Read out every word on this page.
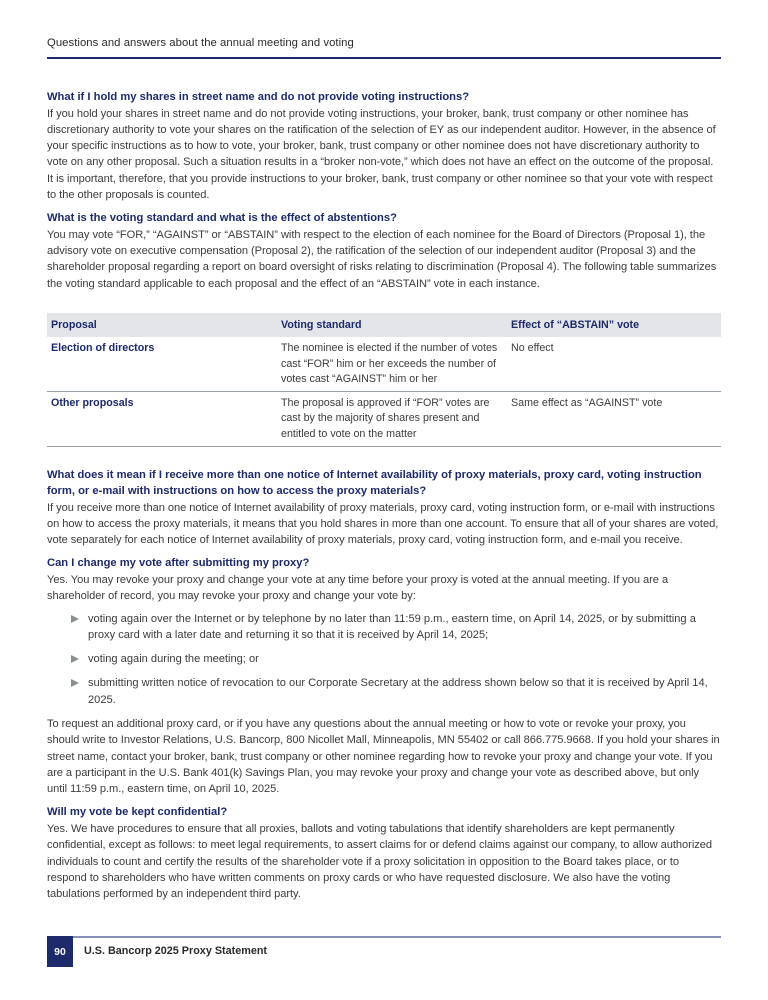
Questions and answers about the annual meeting and voting
What if I hold my shares in street name and do not provide voting instructions?

If you hold your shares in street name and do not provide voting instructions, your broker, bank, trust company or other nominee has discretionary authority to vote your shares on the ratification of the selection of EY as our independent auditor. However, in the absence of your specific instructions as to how to vote, your broker, bank, trust company or other nominee does not have discretionary authority to vote on any other proposal. Such a situation results in a “broker non-vote,” which does not have an effect on the outcome of the proposal. It is important, therefore, that you provide instructions to your broker, bank, trust company or other nominee so that your vote with respect to the other proposals is counted.

What is the voting standard and what is the effect of abstentions?

You may vote “FOR,” “AGAINST” or “ABSTAIN” with respect to the election of each nominee for the Board of Directors (Proposal 1), the advisory vote on executive compensation (Proposal 2), the ratification of the selection of our independent auditor (Proposal 3) and the shareholder proposal regarding a report on board oversight of risks relating to discrimination (Proposal 4). The following table summarizes the voting standard applicable to each proposal and the effect of an “ABSTAIN” vote in each instance.

Proposal	Voting standard	Effect of “ABSTAIN” vote
Election of directors	The nominee is elected if the number of votes cast “FOR” him or her exceeds the number of votes cast “AGAINST” him or her	No effect
Other proposals	The proposal is approved if “FOR” votes are cast by the majority of shares present and entitled to vote on the matter	Same effect as “AGAINST” vote
What does it mean if I receive more than one notice of Internet availability of proxy materials, proxy card, voting instruction form, or e-mail with instructions on how to access the proxy materials?

If you receive more than one notice of Internet availability of proxy materials, proxy card, voting instruction form, or e-mail with instructions on how to access the proxy materials, it means that you hold shares in more than one account. To ensure that all of your shares are voted, vote separately for each notice of Internet availability of proxy materials, proxy card, voting instruction form, and e-mail you receive.

Can I change my vote after submitting my proxy?

Yes. You may revoke your proxy and change your vote at any time before your proxy is voted at the annual meeting. If you are a shareholder of record, you may revoke your proxy and change your vote by:

voting again over the Internet or by telephone by no later than 11:59 p.m., eastern time, on April 14, 2025, or by submitting a proxy card with a later date and returning it so that it is received by April 14, 2025;
voting again during the meeting; or
submitting written notice of revocation to our Corporate Secretary at the address shown below so that it is received by April 14, 2025.

To request an additional proxy card, or if you have any questions about the annual meeting or how to vote or revoke your proxy, you should write to Investor Relations, U.S. Bancorp, 800 Nicollet Mall, Minneapolis, MN 55402 or call 866.775.9668. If you hold your shares in street name, contact your broker, bank, trust company or other nominee regarding how to revoke your proxy and change your vote. If you are a participant in the U.S. Bank 401(k) Savings Plan, you may revoke your proxy and change your vote as described above, but only until 11:59 p.m., eastern time, on April 10, 2025.

Will my vote be kept confidential?

Yes. We have procedures to ensure that all proxies, ballots and voting tabulations that identify shareholders are kept permanently confidential, except as follows: to meet legal requirements, to assert claims for or defend claims against our company, to allow authorized individuals to count and certify the results of the shareholder vote if a proxy solicitation in opposition to the Board takes place, or to respond to shareholders who have written comments on proxy cards or who have requested disclosure. We also have the voting tabulations performed by an independent third party.

90	U.S. Bancorp 2025 Proxy Statement
